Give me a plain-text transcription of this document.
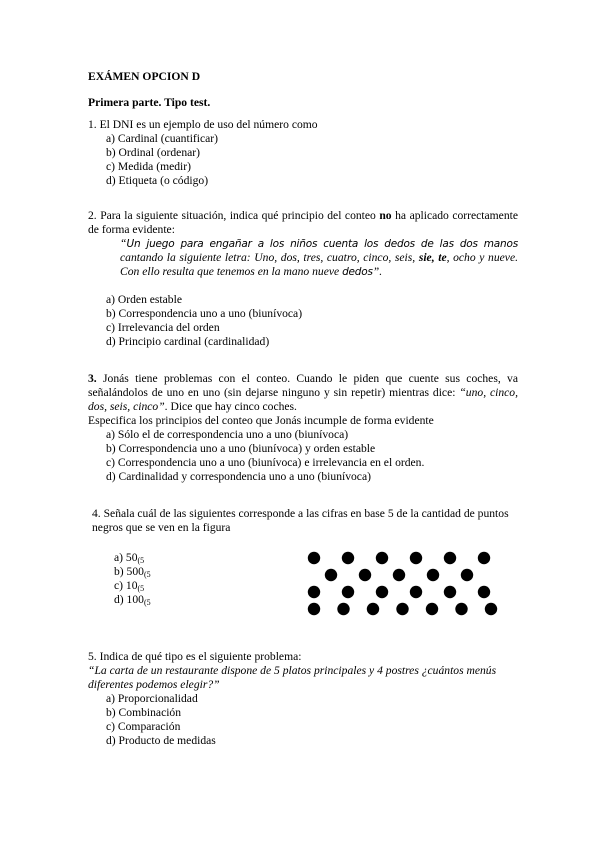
EXÁMEN OPCION D
Primera parte. Tipo test.
1. El DNI es un ejemplo de uso del número como
a) Cardinal (cuantificar)
b) Ordinal (ordenar)
c) Medida (medir)
d) Etiqueta (o código)
2. Para la siguiente situación, indica qué principio del conteo no ha aplicado correctamente de forma evidente:
“Un juego para engañar a los niños cuenta los dedos de las dos manos cantando la siguiente letra: Uno, dos, tres, cuatro, cinco, seis, sie, te, ocho y nueve. Con ello resulta que tenemos en la mano nueve dedos”.
a) Orden estable
b) Correspondencia uno a uno (biunívoca)
c) Irrelevancia del orden
d) Principio cardinal (cardinalidad)
3. Jonás tiene problemas con el conteo. Cuando le piden que cuente sus coches, va señalándolos de uno en uno (sin dejarse ninguno y sin repetir) mientras dice: “uno, cinco, dos, seis, cinco”. Dice que hay cinco coches.
Especifica los principios del conteo que Jonás incumple de forma evidente
a) Sólo el de correspondencia uno a uno (biunívoca)
b) Correspondencia uno a uno (biunívoca) y orden estable
c) Correspondencia uno a uno (biunívoca) e irrelevancia en el orden.
d) Cardinalidad y correspondencia uno a uno (biunívoca)
4. Señala cuál de las siguientes corresponde a las cifras en base 5 de la cantidad de puntos negros que se ven en la figura
a) $50_{(5}$
b) $500_{(5}$
c) $10_{(5}$
d) $100_{(5}$
5. Indica de qué tipo es el siguiente problema:
“La carta de un restaurante dispone de 5 platos principales y 4 postres ¿cuántos menús diferentes podemos elegir?”
a) Proporcionalidad
b) Combinación
c) Comparación
d) Producto de medidas
